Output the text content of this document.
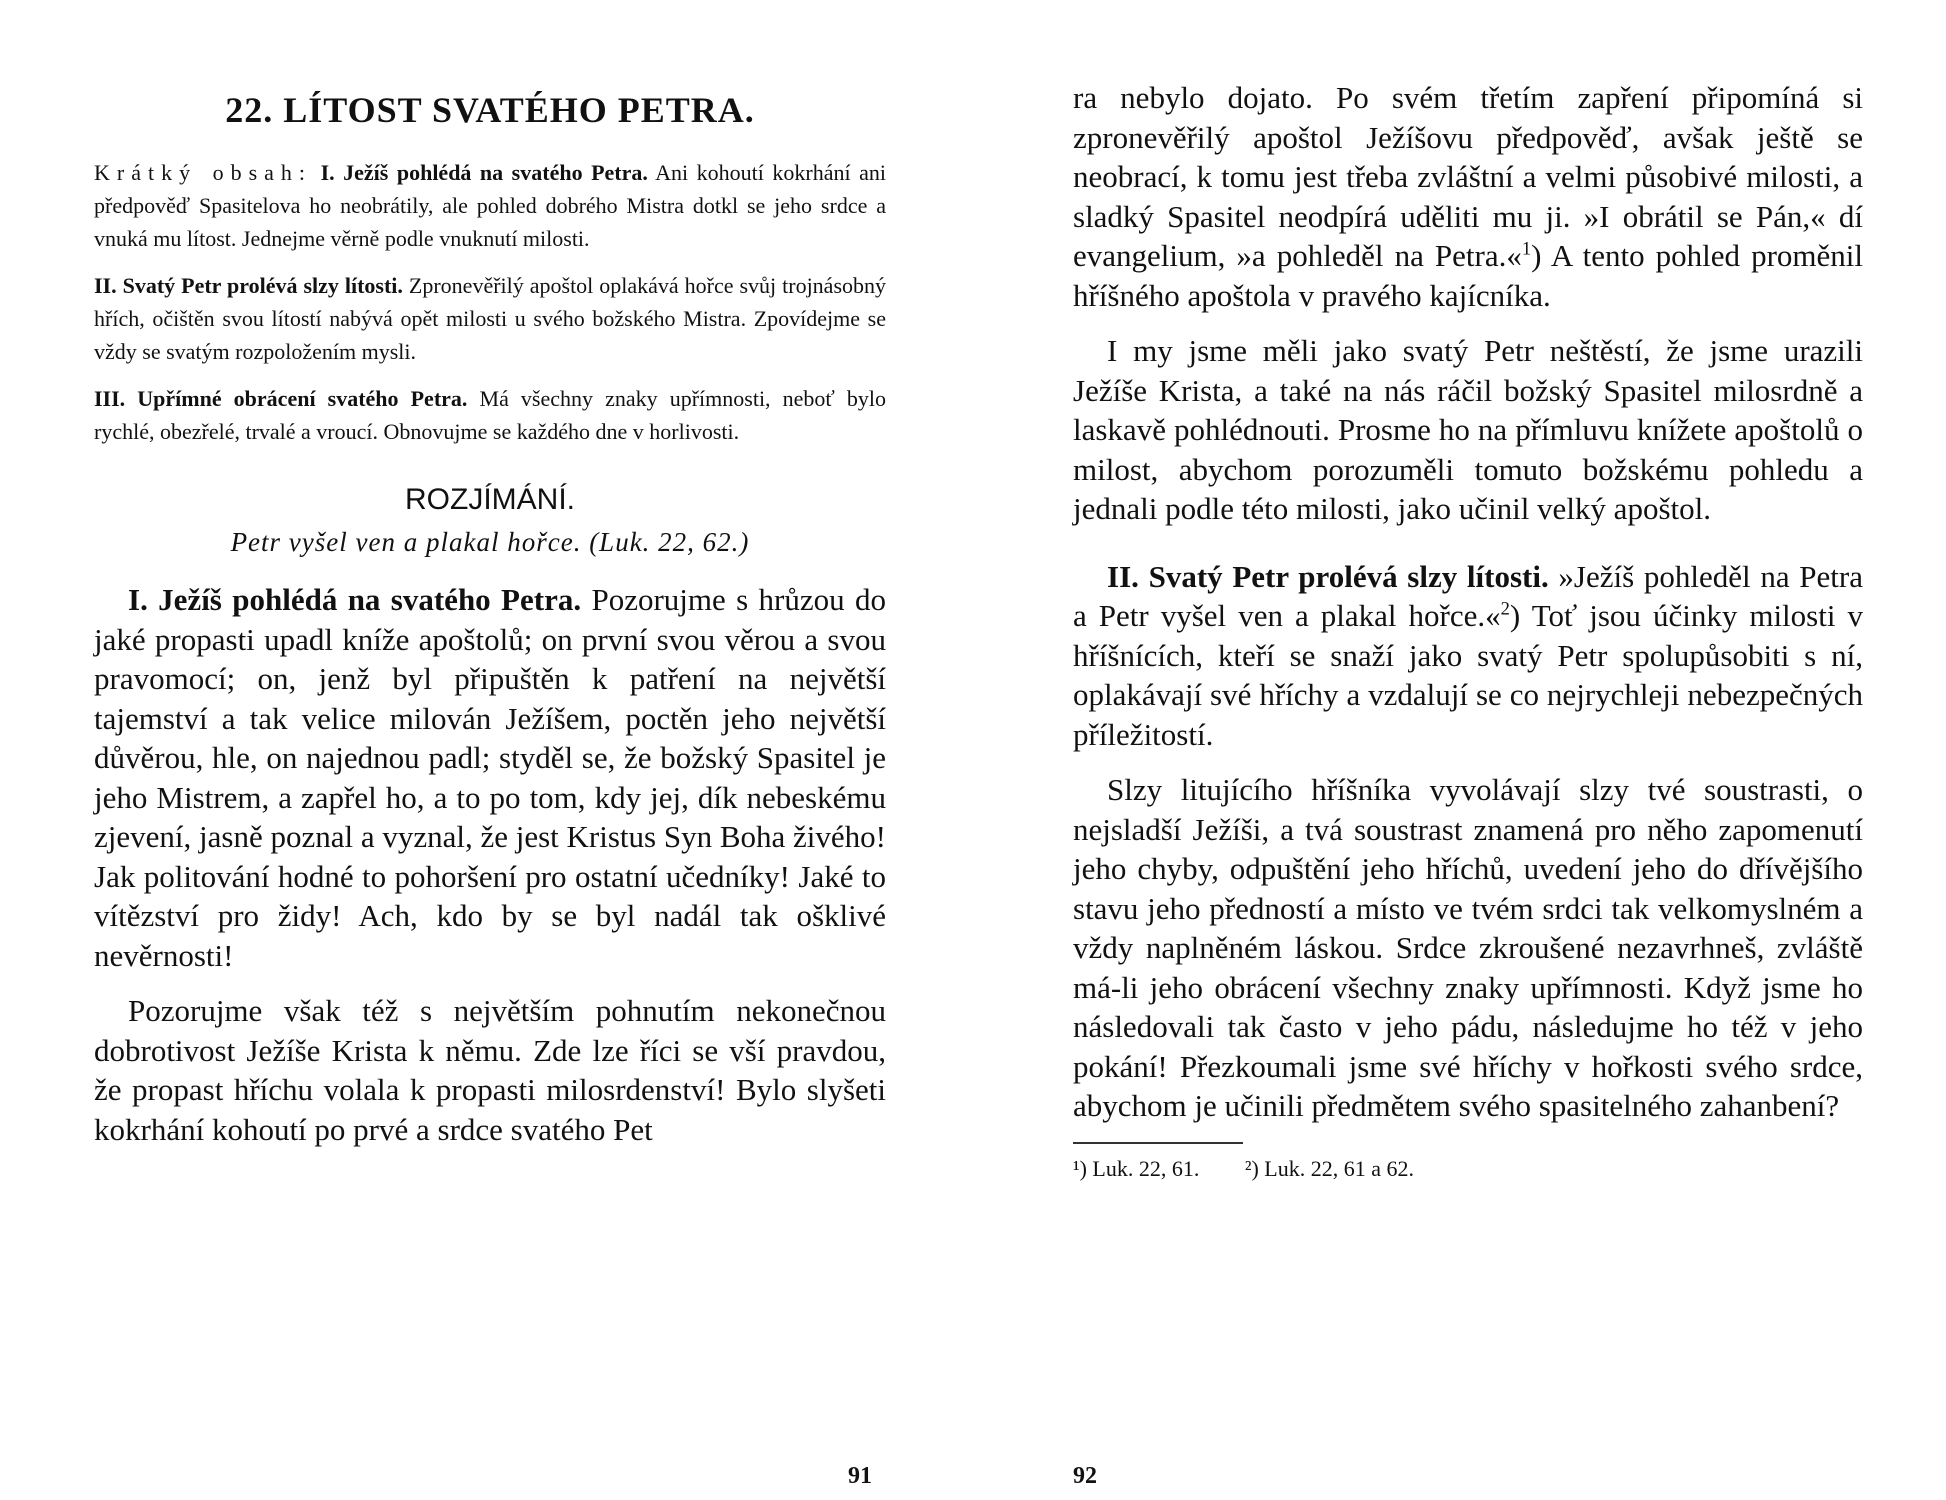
22. LÍTOST SVATÉHO PETRA.

Krátký obsah: I. Ježíš pohlédá na svatého Petra. Ani kohoutí kokrhání ani předpověď Spasitelova ho neobrátily, ale pohled dobrého Mistra dotkl se jeho srdce a vnuká mu lítost. Jednejme věrně podle vnuknutí milosti.

II. Svatý Petr prolévá slzy lítosti. Zpronevěřilý apoštol oplakává hořce svůj trojnásobný hřích, očištěn svou lítostí nabývá opět milosti u svého božského Mistra. Zpovídejme se vždy se svatým rozpoložením mysli.

III. Upřímné obrácení svatého Petra. Má všechny znaky upřímnosti, neboť bylo rychlé, obezřelé, trvalé a vroucí. Obnovujme se každého dne v horlivosti.

ROZJÍMÁNÍ.
Petr vyšel ven a plakal hořce. (Luk. 22, 62.)

I. Ježíš pohlédá na svatého Petra. Pozorujme s hrůzou do jaké propasti upadl kníže apoštolů; on první svou věrou a svou pravomocí; on, jenž byl připuštěn k patření na největší tajemství a tak velice milován Ježíšem, poctěn jeho největší důvěrou, hle, on najednou padl; styděl se, že božský Spasitel je jeho Mistrem, a zapřel ho, a to po tom, kdy jej, dík nebeskému zjevení, jasně poznal a vyznal, že jest Kristus Syn Boha živého! Jak politování hodné to pohoršení pro ostatní učedníky! Jaké to vítězství pro židy! Ach, kdo by se byl nadál tak ošklivé nevěrnosti!

Pozorujme však též s největším pohnutím nekonečnou dobrotivost Ježíše Krista k němu. Zde lze říci se vší pravdou, že propast hříchu volala k propasti milosrdenství! Bylo slyšeti kokrhání kohoutí po prvé a srdce svatého Pet

91

ra nebylo dojato. Po svém třetím zapření připomíná si zpronevěřilý apoštol Ježíšovu předpověď, avšak ještě se neobrací, k tomu jest třeba zvláštní a velmi působivé milosti, a sladký Spasitel neodpírá uděliti mu ji. »I obrátil se Pán,« dí evangelium, »a pohleděl na Petra.«$^1$) A tento pohled proměnil hříšného apoštola v pravého kajícníka.

I my jsme měli jako svatý Petr neštěstí, že jsme urazili Ježíše Krista, a také na nás ráčil božský Spasitel milosrdně a laskavě pohlédnouti. Prosme ho na přímluvu knížete apoštolů o milost, abychom porozuměli tomuto božskému pohledu a jednali podle této milosti, jako učinil velký apoštol.

II. Svatý Petr prolévá slzy lítosti. »Ježíš pohleděl na Petra a Petr vyšel ven a plakal hořce.«$^2$) Toť jsou účinky milosti v hříšnících, kteří se snaží jako svatý Petr spolupůsobiti s ní, oplakávají své hříchy a vzdalují se co nejrychleji nebezpečných příležitostí.

Slzy litujícího hříšníka vyvolávají slzy tvé soustrasti, o nejsladší Ježíši, a tvá soustrast znamená pro něho zapomenutí jeho chyby, odpuštění jeho hříchů, uvedení jeho do dřívějšího stavu jeho předností a místo ve tvém srdci tak velkomyslném a vždy naplněném láskou. Srdce zkroušené nezavrhneš, zvláště má-li jeho obrácení všechny znaky upřímnosti. Když jsme ho následovali tak často v jeho pádu, následujme ho též v jeho pokání! Přezkoumali jsme své hříchy v hořkosti svého srdce, abychom je učinili předmětem svého spasitelného zahanbení?

¹) Luk. 22, 61. ²) Luk. 22, 61 a 62.
92
